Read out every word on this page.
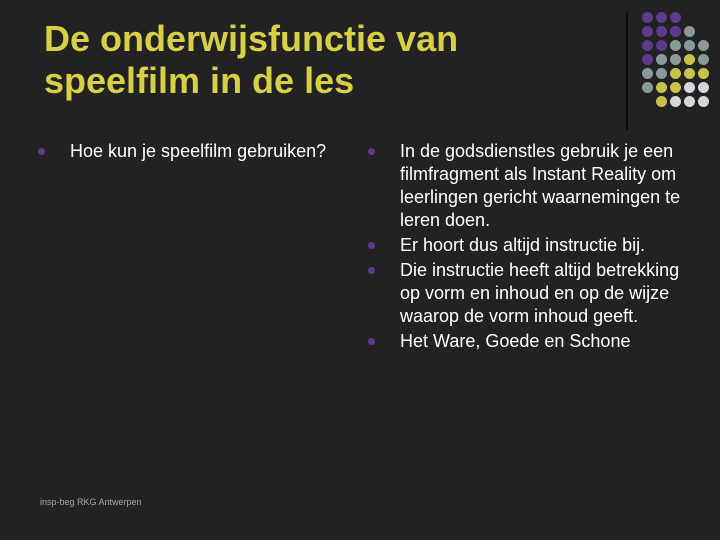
De onderwijsfunctie van
speelfilm in de les
Hoe kun je speelfilm gebruiken?	In de godsdienstles gebruik je een filmfragment als Instant Reality om leerlingen gericht waarnemingen te leren doen.
Er hoort dus altijd instructie bij.
Die instructie heeft altijd betrekking op vorm en inhoud en op de wijze waarop de vorm inhoud geeft.
Het Ware, Goede en Schone
insp-beg RKG Antwerpen
